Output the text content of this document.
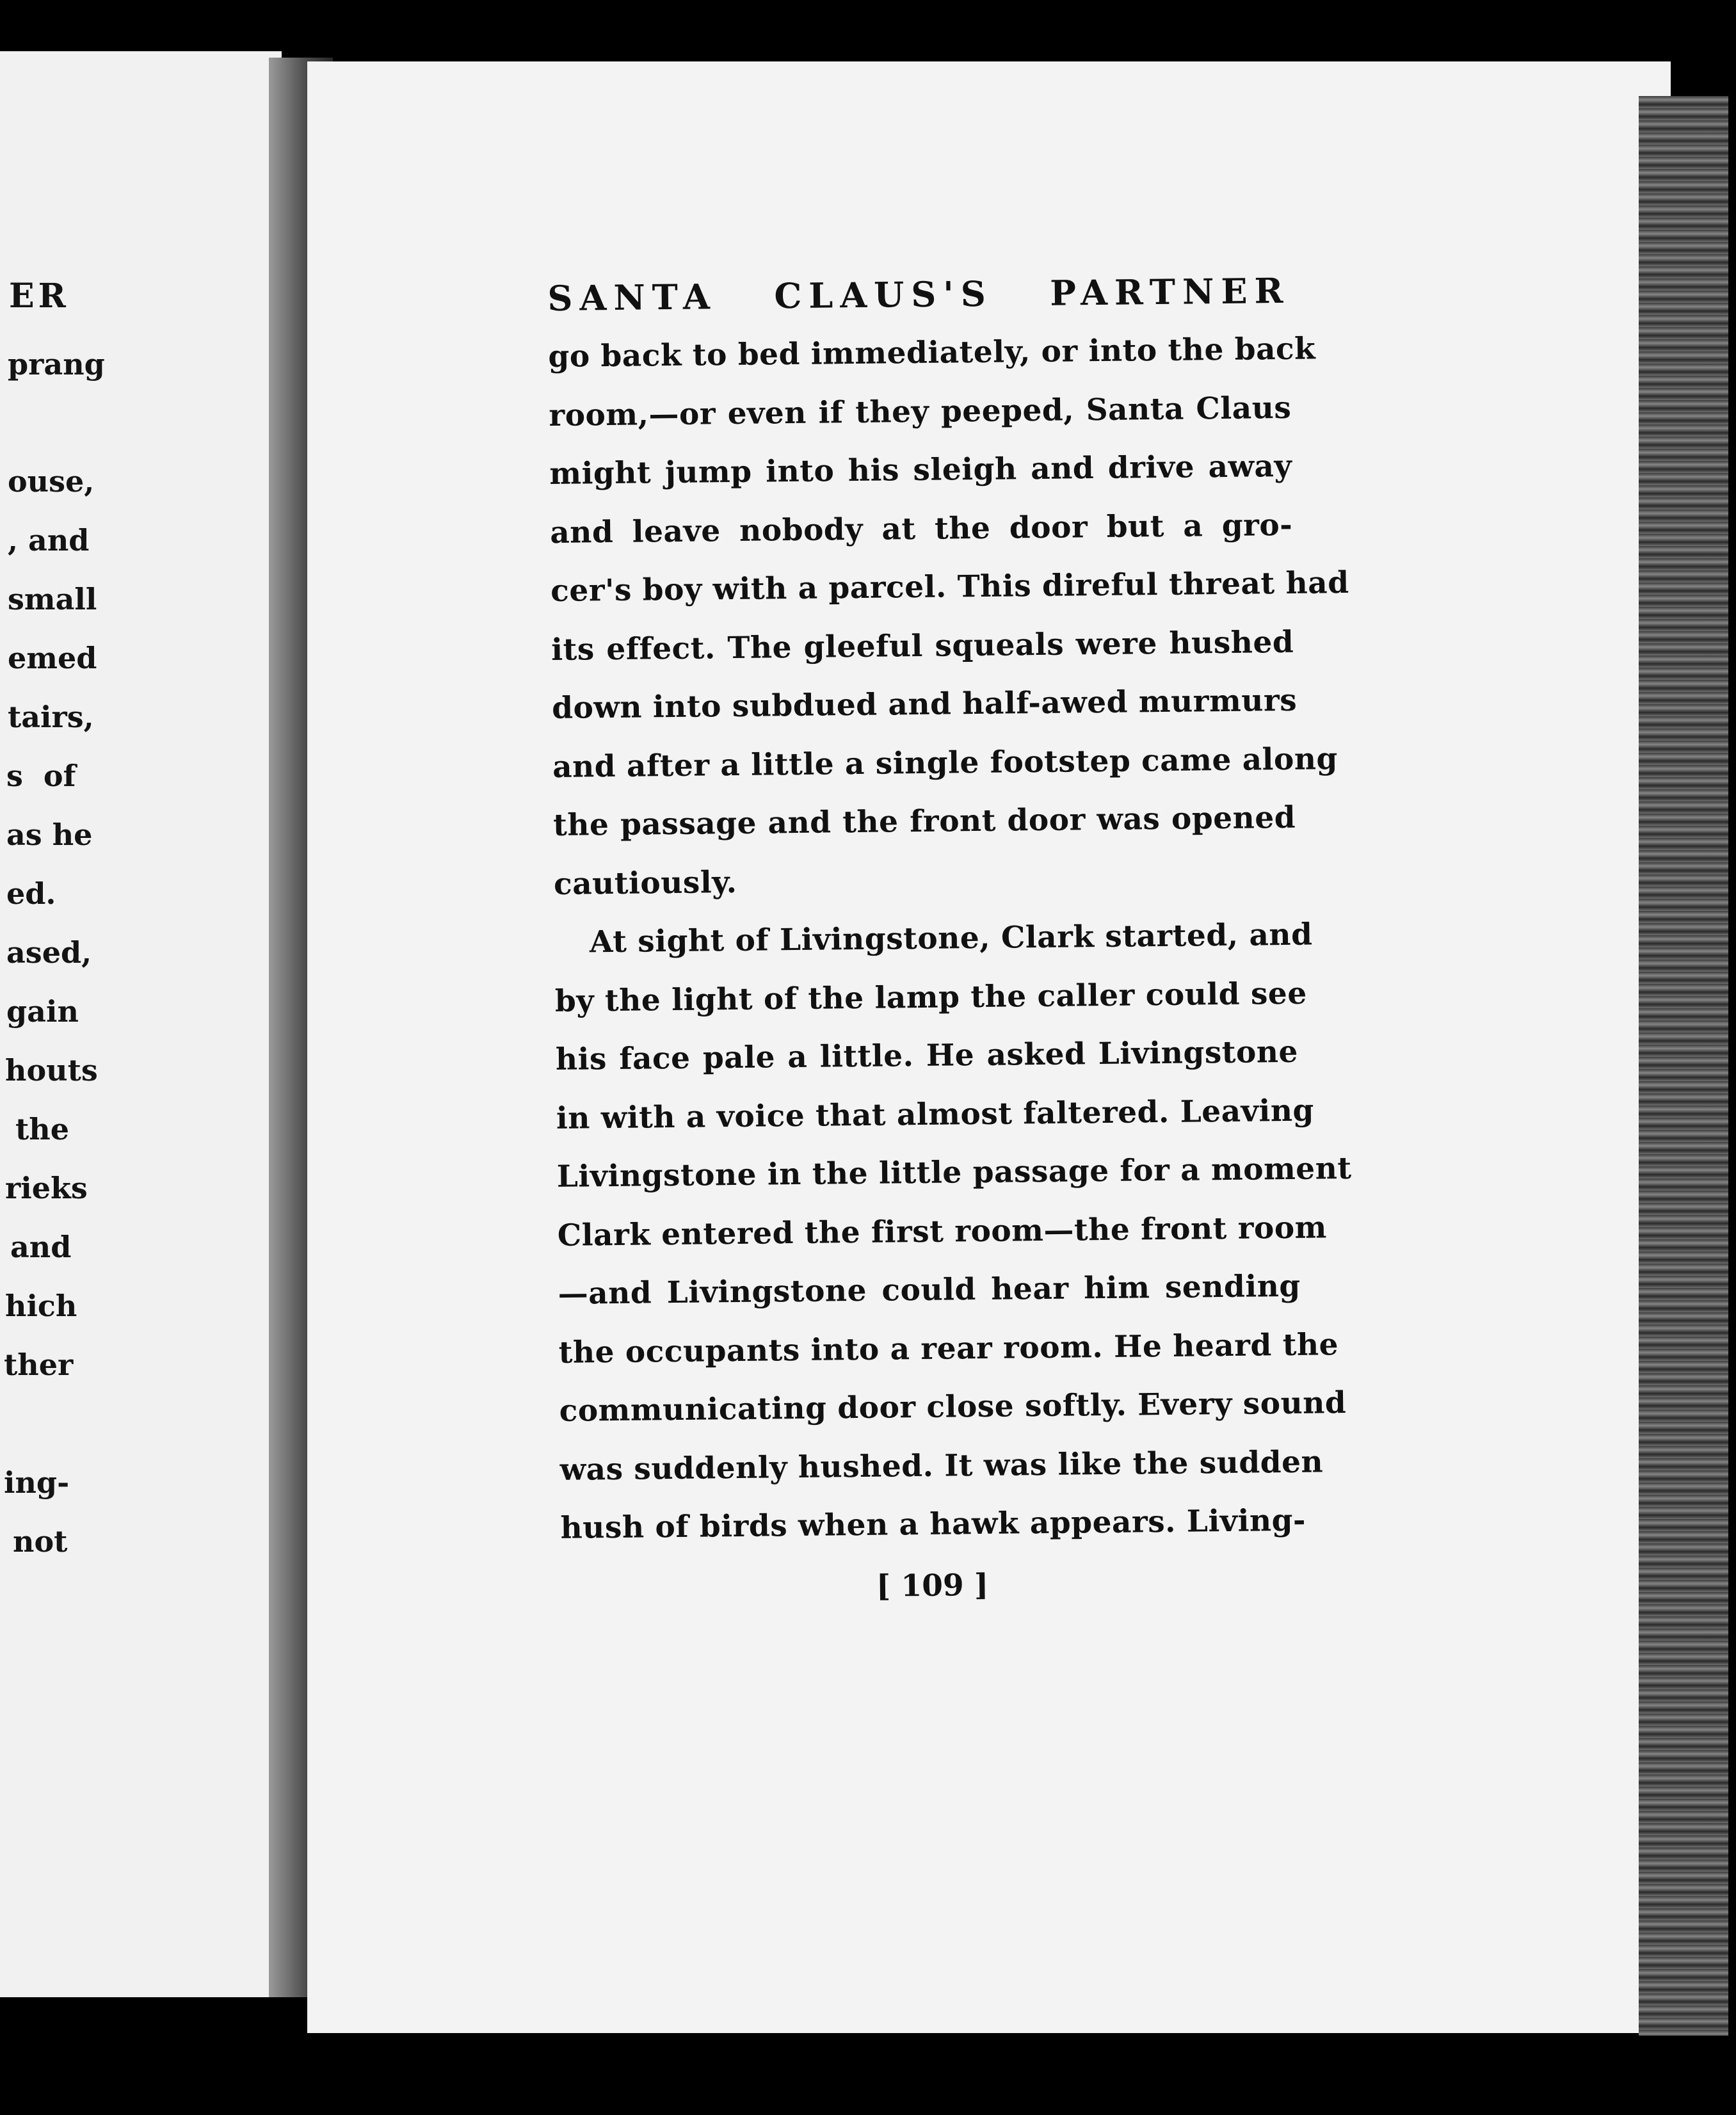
ER
prang
ouse,
, and
small
emed
tairs,
s  of
as he
ed.
ased,
gain
houts
the
rieks
and
hich
ther
ing-
not
SANTA CLAUS'S PARTNER
go back to bed immediately, or into the back
room,—or even if they peeped, Santa Claus
might jump into his sleigh and drive away
and leave nobody at the door but a gro-
cer's boy with a parcel. This direful threat had
its effect. The gleeful squeals were hushed
down into subdued and half-awed murmurs
and after a little a single footstep came along
the passage and the front door was opened
cautiously.
At sight of Livingstone, Clark started, and
by the light of the lamp the caller could see
his face pale a little. He asked Livingstone
in with a voice that almost faltered. Leaving
Livingstone in the little passage for a moment
Clark entered the first room—the front room
—and Livingstone could hear him sending
the occupants into a rear room. He heard the
communicating door close softly. Every sound
was suddenly hushed. It was like the sudden
hush of birds when a hawk appears. Living-
[ 109 ]
